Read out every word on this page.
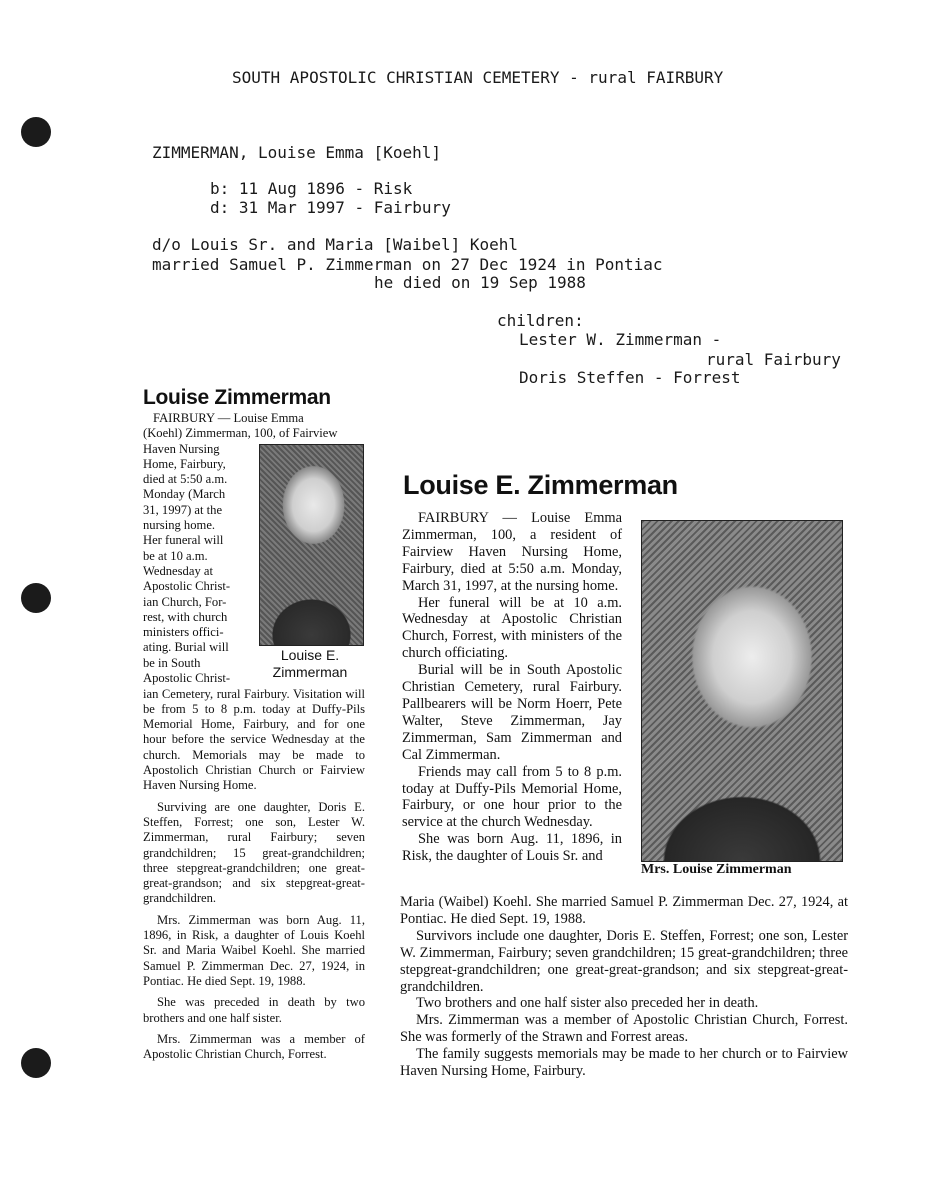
SOUTH APOSTOLIC CHRISTIAN CEMETERY - rural FAIRBURY
ZIMMERMAN, Louise Emma [Koehl]
b: 11 Aug 1896 - Risk
d: 31 Mar 1997 - Fairbury
d/o Louis Sr. and Maria [Waibel] Koehl
married Samuel P. Zimmerman on 27 Dec 1924 in Pontiac
he died on 19 Sep 1988
children:
Lester W. Zimmerman -
rural Fairbury
Doris Steffen - Forrest
Louise Zimmerman
FAIRBURY — Louise Emma
(Koehl) Zimmerman, 100, of Fairview
Haven Nursing
Home, Fairbury,
died at 5:50 a.m.
Monday (March
31, 1997) at the
nursing home.
Her funeral will
be at 10 a.m.
Wednesday at
Apostolic Christ-
ian Church, For-
rest, with church
ministers offici-
ating. Burial will
be in South
Apostolic Christ-
Louise E.
Zimmerman

ian Cemetery, rural Fairbury. Visitation will be from 5 to 8 p.m. today at Duffy-Pils Memorial Home, Fairbury, and for one hour before the service Wednesday at the church. Memorials may be made to Apostolich Christian Church or Fairview Haven Nursing Home.

Surviving are one daughter, Doris E. Steffen, Forrest; one son, Lester W. Zimmerman, rural Fairbury; seven grandchildren; 15 great-grandchildren; three stepgreat-grandchildren; one great-great-grandson; and six stepgreat-great-grandchildren.

Mrs. Zimmerman was born Aug. 11, 1896, in Risk, a daughter of Louis Koehl Sr. and Maria Waibel Koehl. She married Samuel P. Zimmerman Dec. 27, 1924, in Pontiac. He died Sept. 19, 1988.

She was preceded in death by two brothers and one half sister.

Mrs. Zimmerman was a member of Apostolic Christian Church, Forrest.

Louise E. Zimmerman

FAIRBURY — Louise Emma Zimmerman, 100, a resident of Fairview Haven Nursing Home, Fairbury, died at 5:50 a.m. Monday, March 31, 1997, at the nursing home.

Her funeral will be at 10 a.m. Wednesday at Apostolic Christian Church, Forrest, with ministers of the church officiating.

Burial will be in South Apostolic Christian Cemetery, rural Fairbury. Pallbearers will be Norm Hoerr, Pete Walter, Steve Zimmerman, Jay Zimmerman, Sam Zimmerman and Cal Zimmerman.

Friends may call from 5 to 8 p.m. today at Duffy-Pils Memorial Home, Fairbury, or one hour prior to the service at the church Wednesday.

She was born Aug. 11, 1896, in Risk, the daughter of Louis Sr. and

Mrs. Louise Zimmerman

Maria (Waibel) Koehl. She married Samuel P. Zimmerman Dec. 27, 1924, at Pontiac. He died Sept. 19, 1988.

Survivors include one daughter, Doris E. Steffen, Forrest; one son, Lester W. Zimmerman, Fairbury; seven grandchildren; 15 great-grandchildren; three stepgreat-grandchildren; one great-great-grandson; and six stepgreat-great-grandchildren.

Two brothers and one half sister also preceded her in death.

Mrs. Zimmerman was a member of Apostolic Christian Church, Forrest. She was formerly of the Strawn and Forrest areas.

The family suggests memorials may be made to her church or to Fairview Haven Nursing Home, Fairbury.
